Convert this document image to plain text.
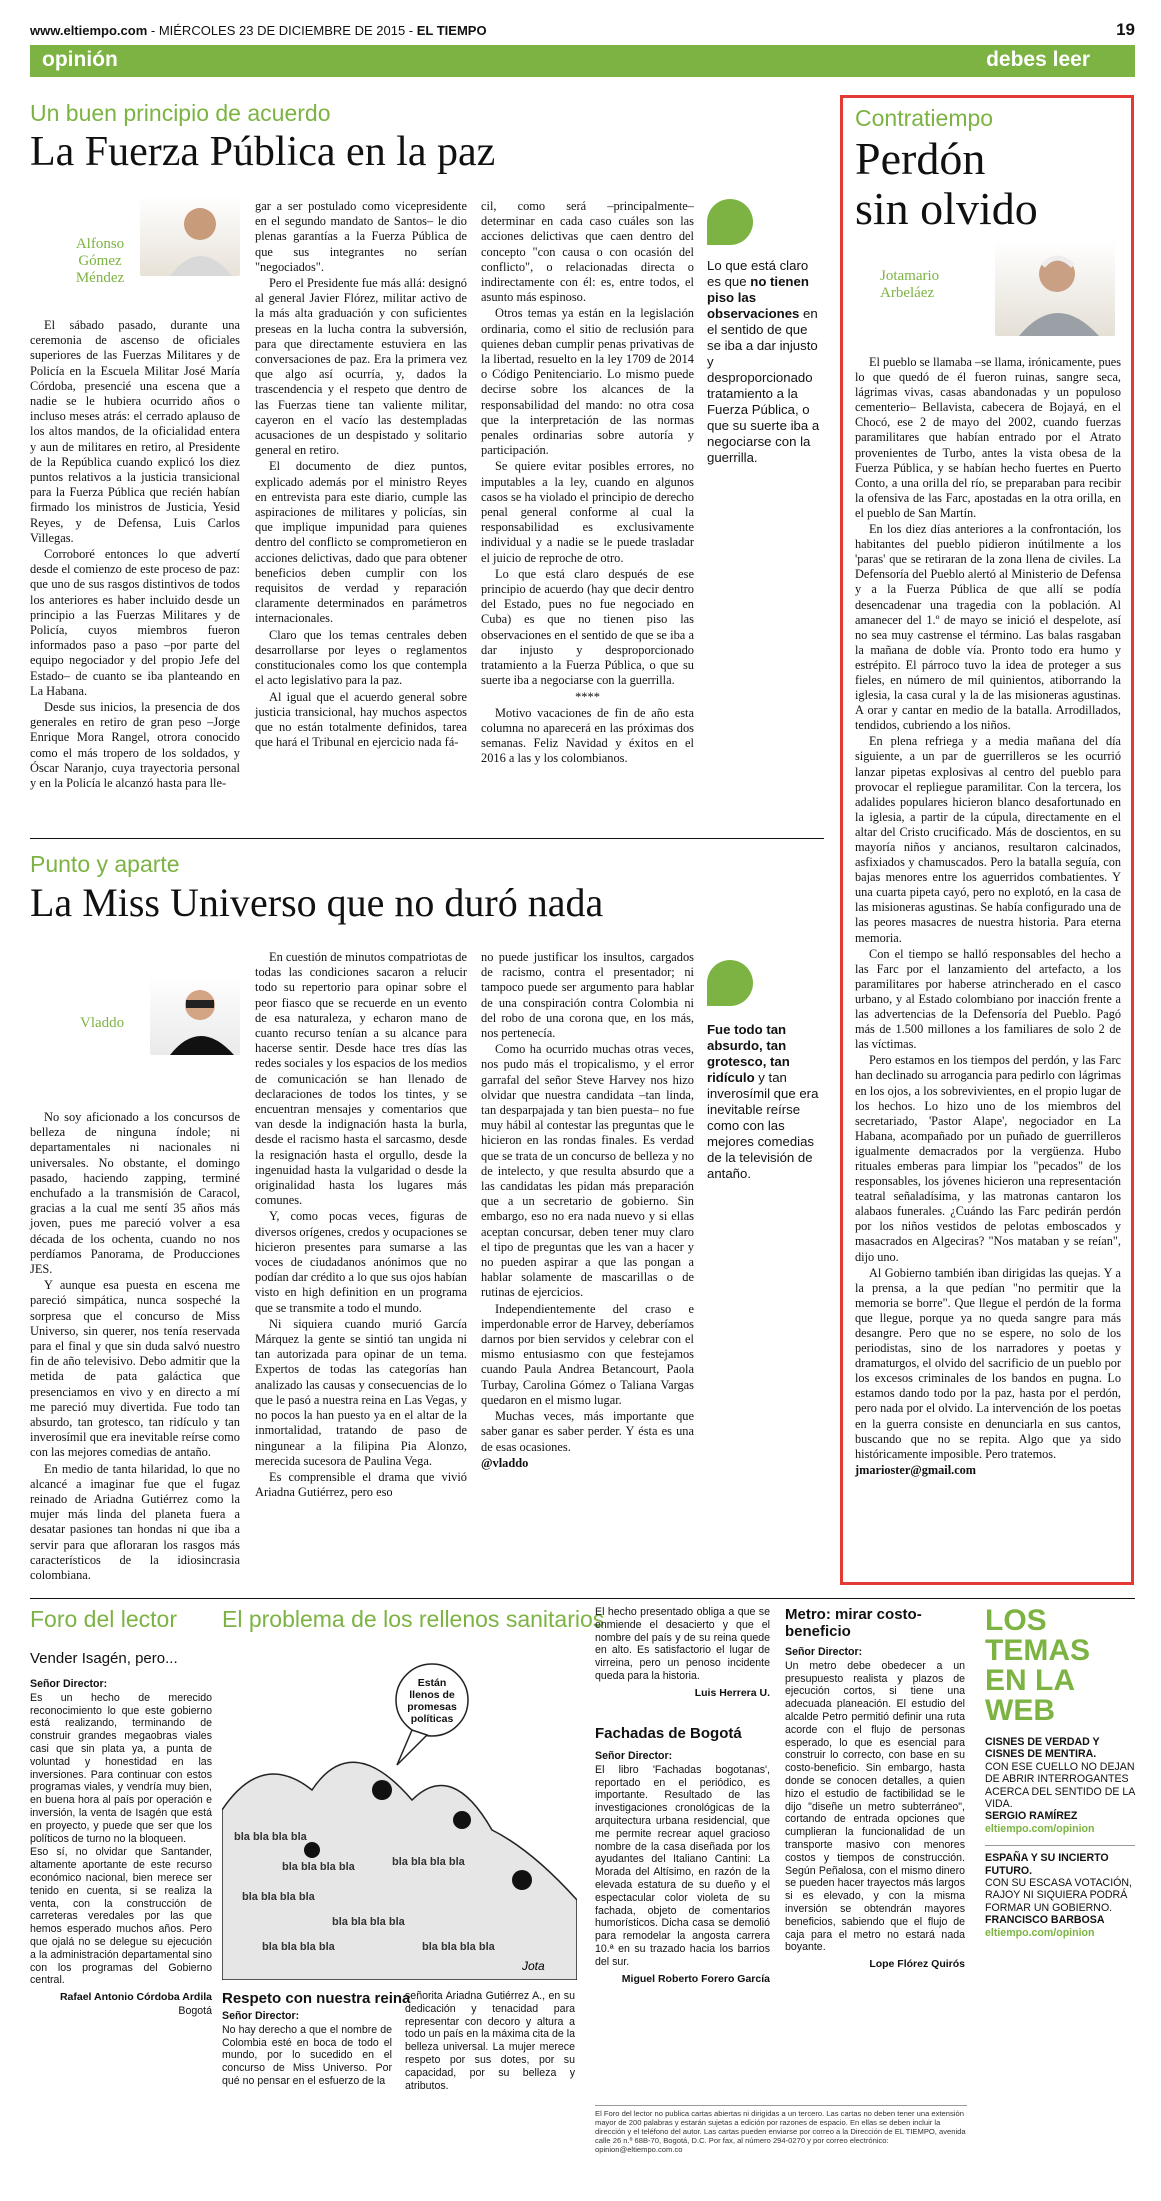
www.eltiempo.com - MIÉRCOLES 23 DE DICIEMBRE DE 2015 - EL TIEMPO	19
opinión	debes leer
Un buen principio de acuerdo
La Fuerza Pública en la paz
Alfonso Gómez Méndez

El sábado pasado, durante una ceremonia de ascenso de oficiales superiores de las Fuerzas Militares y de Policía en la Escuela Militar José María Córdoba, presencié una escena que a nadie se le hubiera ocurrido años o incluso meses atrás: el cerrado aplauso de los altos mandos, de la oficialidad entera y aun de militares en retiro, al Presidente de la República cuando explicó los diez puntos relativos a la justicia transicional para la Fuerza Pública que recién habían firmado los ministros de Justicia, Yesid Reyes, y de Defensa, Luis Carlos Villegas.

Corroboré entonces lo que advertí desde el comienzo de este proceso de paz: que uno de sus rasgos distintivos de todos los anteriores es haber incluido desde un principio a las Fuerzas Militares y de Policía, cuyos miembros fueron informados paso a paso –por parte del equipo negociador y del propio Jefe del Estado– de cuanto se iba planteando en La Habana.

Desde sus inicios, la presencia de dos generales en retiro de gran peso –Jorge Enrique Mora Rangel, otrora conocido como el más tropero de los soldados, y Óscar Naranjo, cuya trayectoria personal y en la Policía le alcanzó hasta para lle-

gar a ser postulado como vicepresidente en el segundo mandato de Santos– le dio plenas garantías a la Fuerza Pública de que sus integrantes no serían "negociados".

Pero el Presidente fue más allá: designó al general Javier Flórez, militar activo de la más alta graduación y con suficientes preseas en la lucha contra la subversión, para que directamente estuviera en las conversaciones de paz. Era la primera vez que algo así ocurría, y, dados la trascendencia y el respeto que dentro de las Fuerzas tiene tan valiente militar, cayeron en el vacío las destempladas acusaciones de un despistado y solitario general en retiro.

El documento de diez puntos, explicado además por el ministro Reyes en entrevista para este diario, cumple las aspiraciones de militares y policías, sin que implique impunidad para quienes dentro del conflicto se comprometieron en acciones delictivas, dado que para obtener beneficios deben cumplir con los requisitos de verdad y reparación claramente determinados en parámetros internacionales.

Claro que los temas centrales deben desarrollarse por leyes o reglamentos constitucionales como los que contempla el acto legislativo para la paz.

Al igual que el acuerdo general sobre justicia transicional, hay muchos aspectos que no están totalmente definidos, tarea que hará el Tribunal en ejercicio nada fá-

cil, como será –principalmente– determinar en cada caso cuáles son las acciones delictivas que caen dentro del concepto "con causa o con ocasión del conflicto", o relacionadas directa o indirectamente con él: es, entre todos, el asunto más espinoso.

Otros temas ya están en la legislación ordinaria, como el sitio de reclusión para quienes deban cumplir penas privativas de la libertad, resuelto en la ley 1709 de 2014 o Código Penitenciario. Lo mismo puede decirse sobre los alcances de la responsabilidad del mando: no otra cosa que la interpretación de las normas penales ordinarias sobre autoría y participación.

Se quiere evitar posibles errores, no imputables a la ley, cuando en algunos casos se ha violado el principio de derecho penal general conforme al cual la responsabilidad es exclusivamente individual y a nadie se le puede trasladar el juicio de reproche de otro.

Lo que está claro después de ese principio de acuerdo (hay que decir dentro del Estado, pues no fue negociado en Cuba) es que no tienen piso las observaciones en el sentido de que se iba a dar injusto y desproporcionado tratamiento a la Fuerza Pública, o que su suerte iba a negociarse con la guerrilla.

****

Motivo vacaciones de fin de año esta columna no aparecerá en las próximas dos semanas. Feliz Navidad y éxitos en el 2016 a las y los colombianos.

Lo que está claro es que no tienen piso las observaciones en el sentido de que se iba a dar injusto y desproporcionado tratamiento a la Fuerza Pública, o que su suerte iba a negociarse con la guerrilla.
Punto y aparte
La Miss Universo que no duró nada
Vladdo

No soy aficionado a los concursos de belleza de ninguna índole; ni departamentales ni nacionales ni universales. No obstante, el domingo pasado, haciendo zapping, terminé enchufado a la transmisión de Caracol, gracias a la cual me sentí 35 años más joven, pues me pareció volver a esa década de los ochenta, cuando no nos perdíamos Panorama, de Producciones JES.

Y aunque esa puesta en escena me pareció simpática, nunca sospeché la sorpresa que el concurso de Miss Universo, sin querer, nos tenía reservada para el final y que sin duda salvó nuestro fin de año televisivo. Debo admitir que la metida de pata galáctica que presenciamos en vivo y en directo a mí me pareció muy divertida. Fue todo tan absurdo, tan grotesco, tan ridículo y tan inverosímil que era inevitable reírse como con las mejores comedias de antaño.

En medio de tanta hilaridad, lo que no alcancé a imaginar fue que el fugaz reinado de Ariadna Gutiérrez como la mujer más linda del planeta fuera a desatar pasiones tan hondas ni que iba a servir para que afloraran los rasgos más característicos de la idiosincrasia colombiana.

En cuestión de minutos compatriotas de todas las condiciones sacaron a relucir todo su repertorio para opinar sobre el peor fiasco que se recuerde en un evento de esa naturaleza, y echaron mano de cuanto recurso tenían a su alcance para hacerse sentir. Desde hace tres días las redes sociales y los espacios de los medios de comunicación se han llenado de declaraciones de todos los tintes, y se encuentran mensajes y comentarios que van desde la indignación hasta la burla, desde el racismo hasta el sarcasmo, desde la resignación hasta el orgullo, desde la ingenuidad hasta la vulgaridad o desde la originalidad hasta los lugares más comunes.

Y, como pocas veces, figuras de diversos orígenes, credos y ocupaciones se hicieron presentes para sumarse a las voces de ciudadanos anónimos que no podían dar crédito a lo que sus ojos habían visto en high definition en un programa que se transmite a todo el mundo.

Ni siquiera cuando murió García Márquez la gente se sintió tan ungida ni tan autorizada para opinar de un tema. Expertos de todas las categorías han analizado las causas y consecuencias de lo que le pasó a nuestra reina en Las Vegas, y no pocos la han puesto ya en el altar de la inmortalidad, tratando de paso de ningunear a la filipina Pia Alonzo, merecida sucesora de Paulina Vega.

Es comprensible el drama que vivió Ariadna Gutiérrez, pero eso

no puede justificar los insultos, cargados de racismo, contra el presentador; ni tampoco puede ser argumento para hablar de una conspiración contra Colombia ni del robo de una corona que, en los más, nos pertenecía.

Como ha ocurrido muchas otras veces, nos pudo más el tropicalismo, y el error garrafal del señor Steve Harvey nos hizo olvidar que nuestra candidata –tan linda, tan desparpajada y tan bien puesta– no fue muy hábil al contestar las preguntas que le hicieron en las rondas finales. Es verdad que se trata de un concurso de belleza y no de intelecto, y que resulta absurdo que a las candidatas les pidan más preparación que a un secretario de gobierno. Sin embargo, eso no era nada nuevo y si ellas aceptan concursar, deben tener muy claro el tipo de preguntas que les van a hacer y no pueden aspirar a que las pongan a hablar solamente de mascarillas o de rutinas de ejercicios.

Independientemente del craso e imperdonable error de Harvey, deberíamos darnos por bien servidos y celebrar con el mismo entusiasmo con que festejamos cuando Paula Andrea Betancourt, Paola Turbay, Carolina Gómez o Taliana Vargas quedaron en el mismo lugar.

Muchas veces, más importante que saber ganar es saber perder. Y ésta es una de esas ocasiones.

@vladdo

Fue todo tan absurdo, tan grotesco, tan ridículo y tan inverosímil que era inevitable reírse como con las mejores comedias de la televisión de antaño.
Contratiempo
Perdón
sin olvido
Jotamario Arbeláez

El pueblo se llamaba –se llama, irónicamente, pues lo que quedó de él fueron ruinas, sangre seca, lágrimas vivas, casas abandonadas y un populoso cementerio– Bellavista, cabecera de Bojayá, en el Chocó, ese 2 de mayo del 2002, cuando fuerzas paramilitares que habían entrado por el Atrato provenientes de Turbo, antes la vista obesa de la Fuerza Pública, y se habían hecho fuertes en Puerto Conto, a una orilla del río, se preparaban para recibir la ofensiva de las Farc, apostadas en la otra orilla, en el pueblo de San Martín.

En los diez días anteriores a la confrontación, los habitantes del pueblo pidieron inútilmente a los 'paras' que se retiraran de la zona llena de civiles. La Defensoría del Pueblo alertó al Ministerio de Defensa y a la Fuerza Pública de que allí se podía desencadenar una tragedia con la población. Al amanecer del 1.º de mayo se inició el despelote, así no sea muy castrense el término. Las balas rasgaban la mañana de doble vía. Pronto todo era humo y estrépito. El párroco tuvo la idea de proteger a sus fieles, en número de mil quinientos, atiborrando la iglesia, la casa cural y la de las misioneras agustinas. A orar y cantar en medio de la batalla. Arrodillados, tendidos, cubriendo a los niños.

En plena refriega y a media mañana del día siguiente, a un par de guerrilleros se les ocurrió lanzar pipetas explosivas al centro del pueblo para provocar el repliegue paramilitar. Con la tercera, los adalides populares hicieron blanco desafortunado en la iglesia, a partir de la cúpula, directamente en el altar del Cristo crucificado. Más de doscientos, en su mayoría niños y ancianos, resultaron calcinados, asfixiados y chamuscados. Pero la batalla seguía, con bajas menores entre los aguerridos combatientes. Y una cuarta pipeta cayó, pero no explotó, en la casa de las misioneras agustinas. Se había configurado una de las peores masacres de nuestra historia. Para eterna memoria.

Con el tiempo se halló responsables del hecho a las Farc por el lanzamiento del artefacto, a los paramilitares por haberse atrincherado en el casco urbano, y al Estado colombiano por inacción frente a las advertencias de la Defensoría del Pueblo. Pagó más de 1.500 millones a los familiares de solo 2 de las víctimas.

Pero estamos en los tiempos del perdón, y las Farc han declinado su arrogancia para pedirlo con lágrimas en los ojos, a los sobrevivientes, en el propio lugar de los hechos. Lo hizo uno de los miembros del secretariado, 'Pastor Alape', negociador en La Habana, acompañado por un puñado de guerrilleros igualmente demacrados por la vergüenza. Hubo rituales emberas para limpiar los "pecados" de los responsables, los jóvenes hicieron una representación teatral señaladísima, y las matronas cantaron los alabaos funerales. ¿Cuándo las Farc pedirán perdón por los niños vestidos de pelotas emboscados y masacrados en Algeciras? "Nos mataban y se reían", dijo uno.

Al Gobierno también iban dirigidas las quejas. Y a la prensa, a la que pedían "no permitir que la memoria se borre". Que llegue el perdón de la forma que llegue, porque ya no queda sangre para más desangre. Pero que no se espere, no solo de los periodistas, sino de los narradores y poetas y dramaturgos, el olvido del sacrificio de un pueblo por los excesos criminales de los bandos en pugna. Lo estamos dando todo por la paz, hasta por el perdón, pero nada por el olvido. La intervención de los poetas en la guerra consiste en denunciarla en sus cantos, buscando que no se repita. Algo que ya sido históricamente imposible. Pero tratemos.

jmarioster@gmail.com

Foro del lector El problema de los rellenos sanitarios
Vender Isagén, pero...

Señor Director:

Es un hecho de merecido reconocimiento lo que este gobierno está realizando, terminando de construir grandes megaobras viales casi que sin plata ya, a punta de voluntad y honestidad en las inversiones. Para continuar con estos programas viales, y vendría muy bien, en buena hora al país por operación e inversión, la venta de Isagén que está en proyecto, y puede que ser que los políticos de turno no la bloqueen.

Eso sí, no olvidar que Santander, altamente aportante de este recurso económico nacional, bien merece ser tenido en cuenta, si se realiza la venta, con la construcción de carreteras veredales por las que hemos esperado muchos años. Pero que ojalá no se delegue su ejecución a la administración departamental sino con los programas del Gobierno central.

Rafael Antonio Córdoba Ardila

Bogotá

bla bla bla bla
bla bla bla bla
bla bla bla bla
bla bla bla bla
bla bla bla bla
bla bla bla bla	bla bla bla bla
Jota
Están llenos de promesas políticas
Respeto con nuestra reina

Señor Director:

No hay derecho a que el nombre de Colombia esté en boca de todo el mundo, por lo sucedido en el concurso de Miss Universo. Por qué no pensar en el esfuerzo de la

señorita Ariadna Gutiérrez A., en su dedicación y tenacidad para representar con decoro y altura a todo un país en la máxima cita de la belleza universal. La mujer merece respeto por sus dotes, por su capacidad, por su belleza y atributos.

El hecho presentado obliga a que se enmiende el desacierto y que el nombre del país y de su reina quede en alto. Es satisfactorio el lugar de virreina, pero un penoso incidente queda para la historia.

Luis Herrera U.

Fachadas de Bogotá

Señor Director:

El libro 'Fachadas bogotanas', reportado en el periódico, es importante. Resultado de las investigaciones cronológicas de la arquitectura urbana residencial, que me permite recrear aquel gracioso nombre de la casa diseñada por los ayudantes del Italiano Cantini: La Morada del Altísimo, en razón de la elevada estatura de su dueño y el espectacular color violeta de su fachada, objeto de comentarios humorísticos. Dicha casa se demolió para remodelar la angosta carrera 10.ª en su trazado hacia los barrios del sur.

Miguel Roberto Forero García

Metro: mirar costo-beneficio

Señor Director:

Un metro debe obedecer a un presupuesto realista y plazos de ejecución cortos, si tiene una adecuada planeación. El estudio del alcalde Petro permitió definir una ruta acorde con el flujo de personas esperado, lo que es esencial para construir lo correcto, con base en su costo-beneficio. Sin embargo, hasta donde se conocen detalles, a quien hizo el estudio de factibilidad se le dijo "diseñe un metro subterráneo", cortando de entrada opciones que cumplieran la funcionalidad de un transporte masivo con menores costos y tiempos de construcción. Según Peñalosa, con el mismo dinero se pueden hacer trayectos más largos si es elevado, y con la misma inversión se obtendrán mayores beneficios, sabiendo que el flujo de caja para el metro no estará nada boyante.

Lope Flórez Quirós

El Foro del lector no publica cartas abiertas ni dirigidas a un tercero. Las cartas no deben tener una extensión mayor de 200 palabras y estarán sujetas a edición por razones de espacio. En ellas se deben incluir la dirección y el teléfono del autor. Las cartas pueden enviarse por correo a la Dirección de EL TIEMPO, avenida calle 26 n.º 68B-70, Bogotá, D.C. Por fax, al número 294-0270 y por correo electrónico: opinion@eltiempo.com.co
LOS TEMAS EN LA WEB
CISNES DE VERDAD Y CISNES DE MENTIRA.
CON ESE CUELLO NO DEJAN DE ABRIR INTERROGANTES ACERCA DEL SENTIDO DE LA VIDA.
SERGIO RAMÍREZ
eltiempo.com/opinion
ESPAÑA Y SU INCIERTO FUTURO.
CON SU ESCASA VOTACIÓN, RAJOY NI SIQUIERA PODRÁ FORMAR UN GOBIERNO.
FRANCISCO BARBOSA
eltiempo.com/opinion
